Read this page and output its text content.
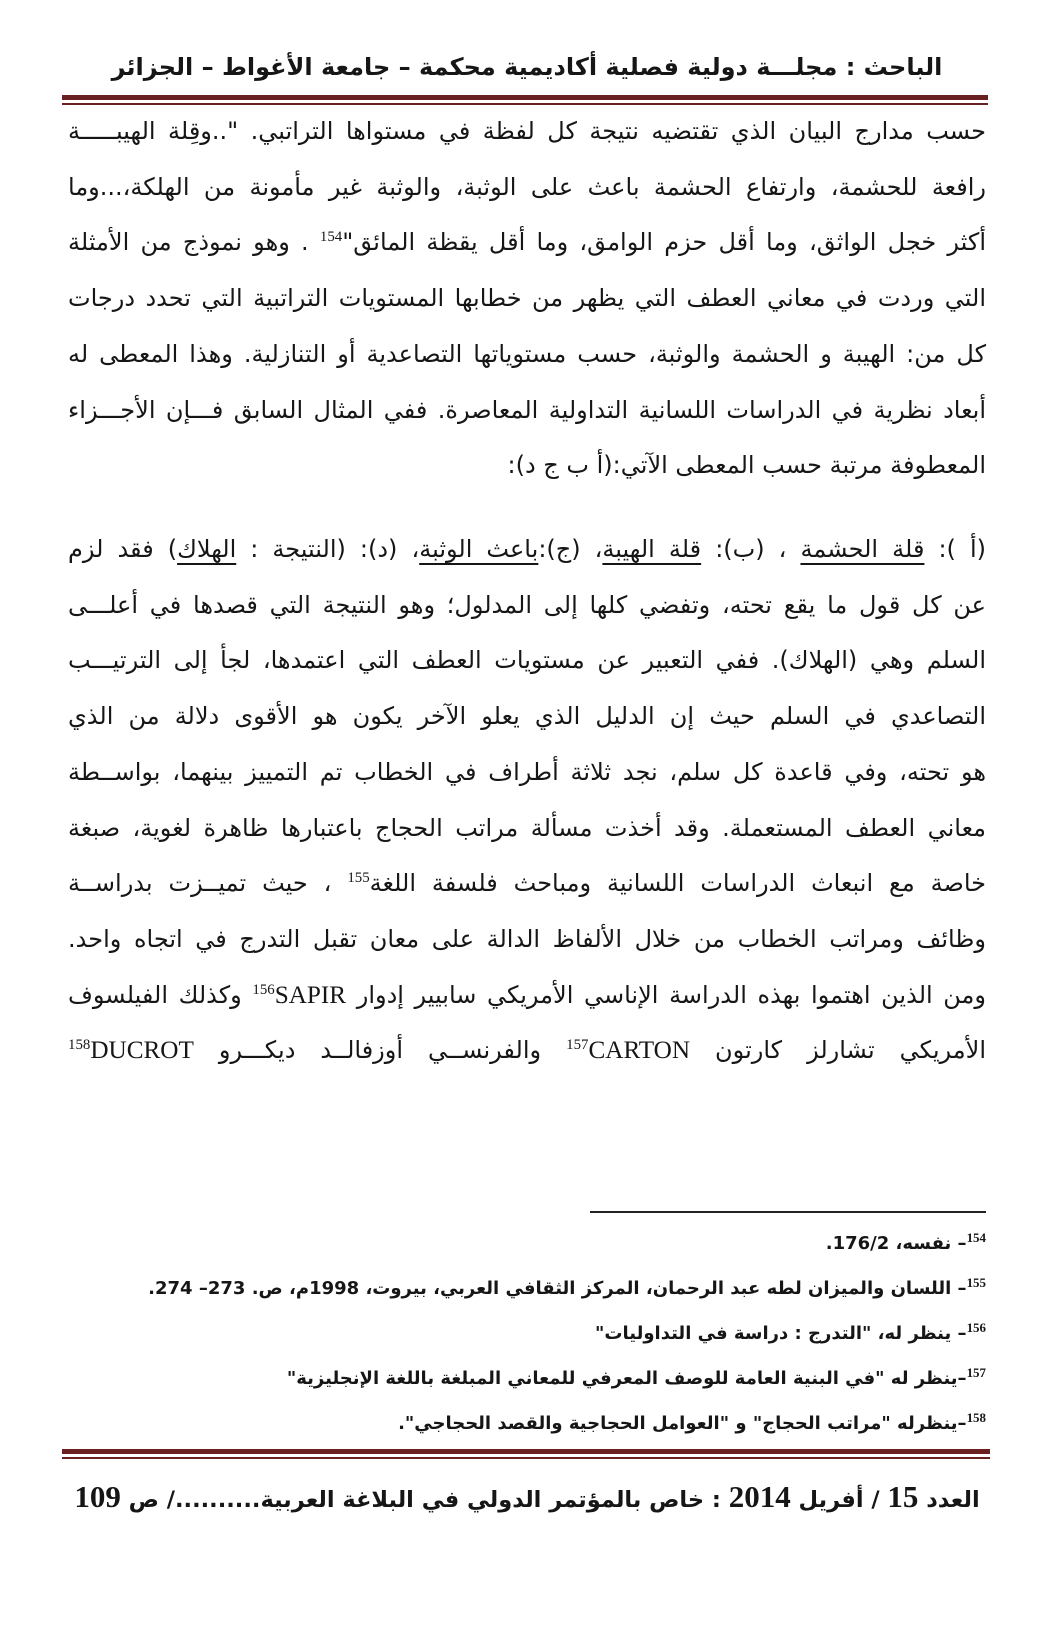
الباحث : مجلـــة دولية فصلية أكاديمية محكمة – جامعة الأغواط – الجزائر
حسب مدارج البيان الذي تقتضيه نتيجة كل لفظة في مستواها التراتبي. "..وقِلة الهيبـــــة
رافعة للحشمة، وارتفاع الحشمة باعث على الوثبة، والوثبة غير مأمونة من الهلكة،...وما
أكثر خجل الواثق، وما أقل حزم الوامق، وما أقل يقظة المائق"$^{154}$ . وهو نموذج من الأمثلة
التي وردت في معاني العطف التي يظهر من خطابها المستويات التراتبية التي تحدد درجات
كل من: الهيبة و الحشمة والوثبة، حسب مستوياتها التصاعدية أو التنازلية. وهذا المعطى له
أبعاد نظرية في الدراسات اللسانية التداولية المعاصرة. ففي المثال السابق فـــإن الأجـــزاء
المعطوفة مرتبة حسب المعطى الآتي:(أ ب ج د):
(أ ): قلة الحشمة ، (ب): قلة الهيبة، (ج):باعث الوثبة، (د): (النتيجة : الهلاك) فقد لزم
عن كل قول ما يقع تحته، وتفضي كلها إلى المدلول؛ وهو النتيجة التي قصدها في أعلـــى
السلم وهي (الهلاك). ففي التعبير عن مستويات العطف التي اعتمدها، لجأ إلى الترتيـــب
التصاعدي في السلم حيث إن الدليل الذي يعلو الآخر يكون هو الأقوى دلالة من الذي
هو تحته، وفي قاعدة كل سلم، نجد ثلاثة أطراف في الخطاب تم التمييز بينهما، بواســطة
معاني العطف المستعملة. وقد أخذت مسألة مراتب الحجاج باعتبارها ظاهرة لغوية، صبغة
خاصة مع انبعاث الدراسات اللسانية ومباحث فلسفة اللغة$^{155}$ ، حيث تميــزت بدراســة
وظائف ومراتب الخطاب من خلال الألفاظ الدالة على معان تقبل التدرج في اتجاه واحد.
ومن الذين اهتموا بهذه الدراسة الإناسي الأمريكي سابيير إدوار SAPIR$^{156}$ وكذلك الفيلسوف
الأمريكي تشارلز كارتون CARTON$^{157}$ والفرنســي أوزفالــد ديكـــرو DUCROT$^{158}$
$^{154}$– نفسه، 176/2.
$^{155}$– اللسان والميزان لطه عبد الرحمان، المركز الثقافي العربي، بيروت، 1998م، ص. 273– 274.
$^{156}$– ينظر له، "التدرج : دراسة في التداوليات"
$^{157}$–ينظر له "في البنية العامة للوصف المعرفي للمعاني المبلغة باللغة الإنجليزية"
$^{158}$–ينظرله "مراتب الحجاج" و "العوامل الحجاجية والقصد الحجاجي".
العدد 15 / أفريل 2014 : خاص بالمؤتمر الدولي في البلاغة العربية........../ ص 109
